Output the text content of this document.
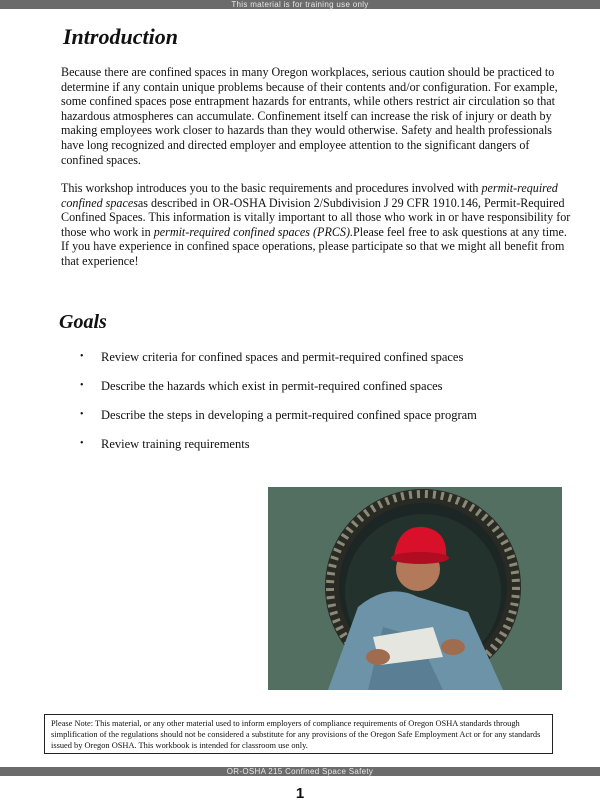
This material is for training use only
Introduction

Because there are confined spaces in many Oregon workplaces, serious caution should be practiced to determine if any contain unique problems because of their contents and/or configuration. For example, some confined spaces pose entrapment hazards for entrants, while others restrict air circulation so that hazardous atmospheres can accumulate. Confinement itself can increase the risk of injury or death by making employees work closer to hazards than they would otherwise. Safety and health professionals have long recognized and directed employer and employee attention to the significant dangers of confined spaces.

This workshop introduces you to the basic requirements and procedures involved with permit-required confined spacesas described in OR-OSHA Division 2/Subdivision J 29 CFR 1910.146, Permit-Required Confined Spaces. This information is vitally important to all those who work in or have responsibility for those who work in permit-required confined spaces (PRCS).Please feel free to ask questions at any time. If you have experience in confined space operations, please participate so that we might all benefit from that experience!

Goals
• Review criteria for confined spaces and permit-required confined spaces
• Describe the hazards which exist in permit-required confined spaces
• Describe the steps in developing a permit-required confined space program
• Review training requirements
Please Note: This material, or any other material used to inform employers of compliance requirements of Oregon OSHA standards through simplification of the regulations should not be considered a substitute for any provisions of the Oregon Safe Employment Act or for any standards issued by Oregon OSHA. This workbook is intended for classroom use only.
OR-OSHA 215 Confined Space Safety
1
